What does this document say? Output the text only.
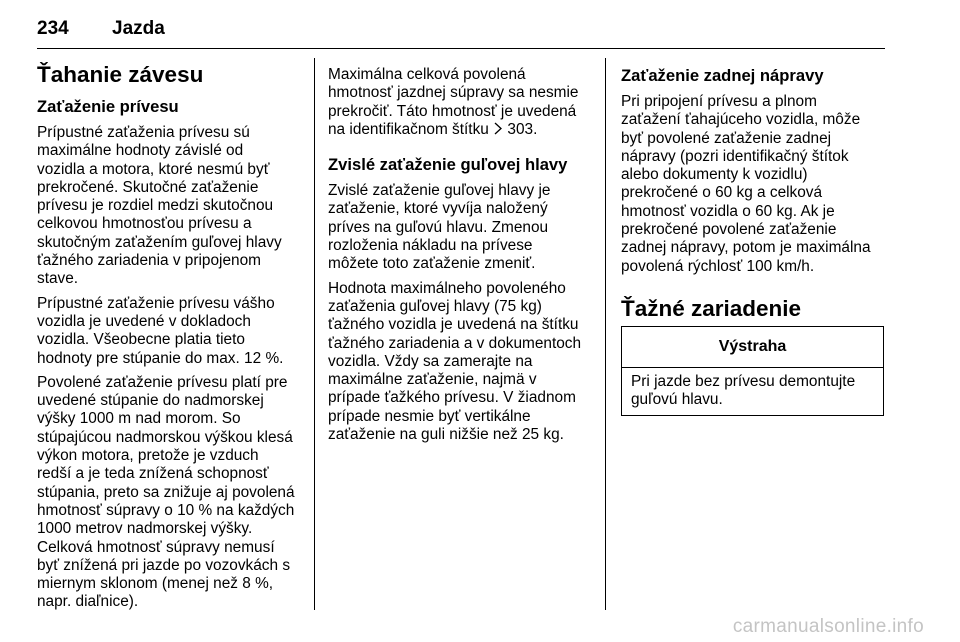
234 Jazda
Ťahanie závesu
Zaťaženie prívesu

Prípustné zaťaženia prívesu sú
maximálne hodnoty závislé od
vozidla a motora, ktoré nesmú byť
prekročené. Skutočné zaťaženie
prívesu je rozdiel medzi skutočnou
celkovou hmotnosťou prívesu a
skutočným zaťažením guľovej hlavy
ťažného zariadenia v pripojenom
stave.

Prípustné zaťaženie prívesu vášho
vozidla je uvedené v dokladoch
vozidla. Všeobecne platia tieto
hodnoty pre stúpanie do max. 12 %.

Povolené zaťaženie prívesu platí pre
uvedené stúpanie do nadmorskej
výšky 1000 m nad morom. So
stúpajúcou nadmorskou výškou klesá
výkon motora, pretože je vzduch
redší a je teda znížená schopnosť
stúpania, preto sa znižuje aj povolená
hmotnosť súpravy o 10 % na každých
1000 metrov nadmorskej výšky.
Celková hmotnosť súpravy nemusí
byť znížená pri jazde po vozovkách s
miernym sklonom (menej než 8 %,
napr. diaľnice).

Maximálna celková povolená
hmotnosť jazdnej súpravy sa nesmie
prekročiť. Táto hmotnosť je uvedená
na identifikačnom štítku 303.

Zvislé zaťaženie guľovej hlavy

Zvislé zaťaženie guľovej hlavy je
zaťaženie, ktoré vyvíja naložený
príves na guľovú hlavu. Zmenou
rozloženia nákladu na prívese
môžete toto zaťaženie zmeniť.

Hodnota maximálneho povoleného
zaťaženia guľovej hlavy (75 kg)
ťažného vozidla je uvedená na štítku
ťažného zariadenia a v dokumentoch
vozidla. Vždy sa zamerajte na
maximálne zaťaženie, najmä v
prípade ťažkého prívesu. V žiadnom
prípade nesmie byť vertikálne
zaťaženie na guli nižšie než 25 kg.

Zaťaženie zadnej nápravy

Pri pripojení prívesu a plnom
zaťažení ťahajúceho vozidla, môže
byť povolené zaťaženie zadnej
nápravy (pozri identifikačný štítok
alebo dokumenty k vozidlu)
prekročené o 60 kg a celková
hmotnosť vozidla o 60 kg. Ak je
prekročené povolené zaťaženie
zadnej nápravy, potom je maximálna
povolená rýchlosť 100 km/h.

Ťažné zariadenie
Výstraha
Pri jazde bez prívesu demontujte
guľovú hlavu.
carmanualsonline.info
